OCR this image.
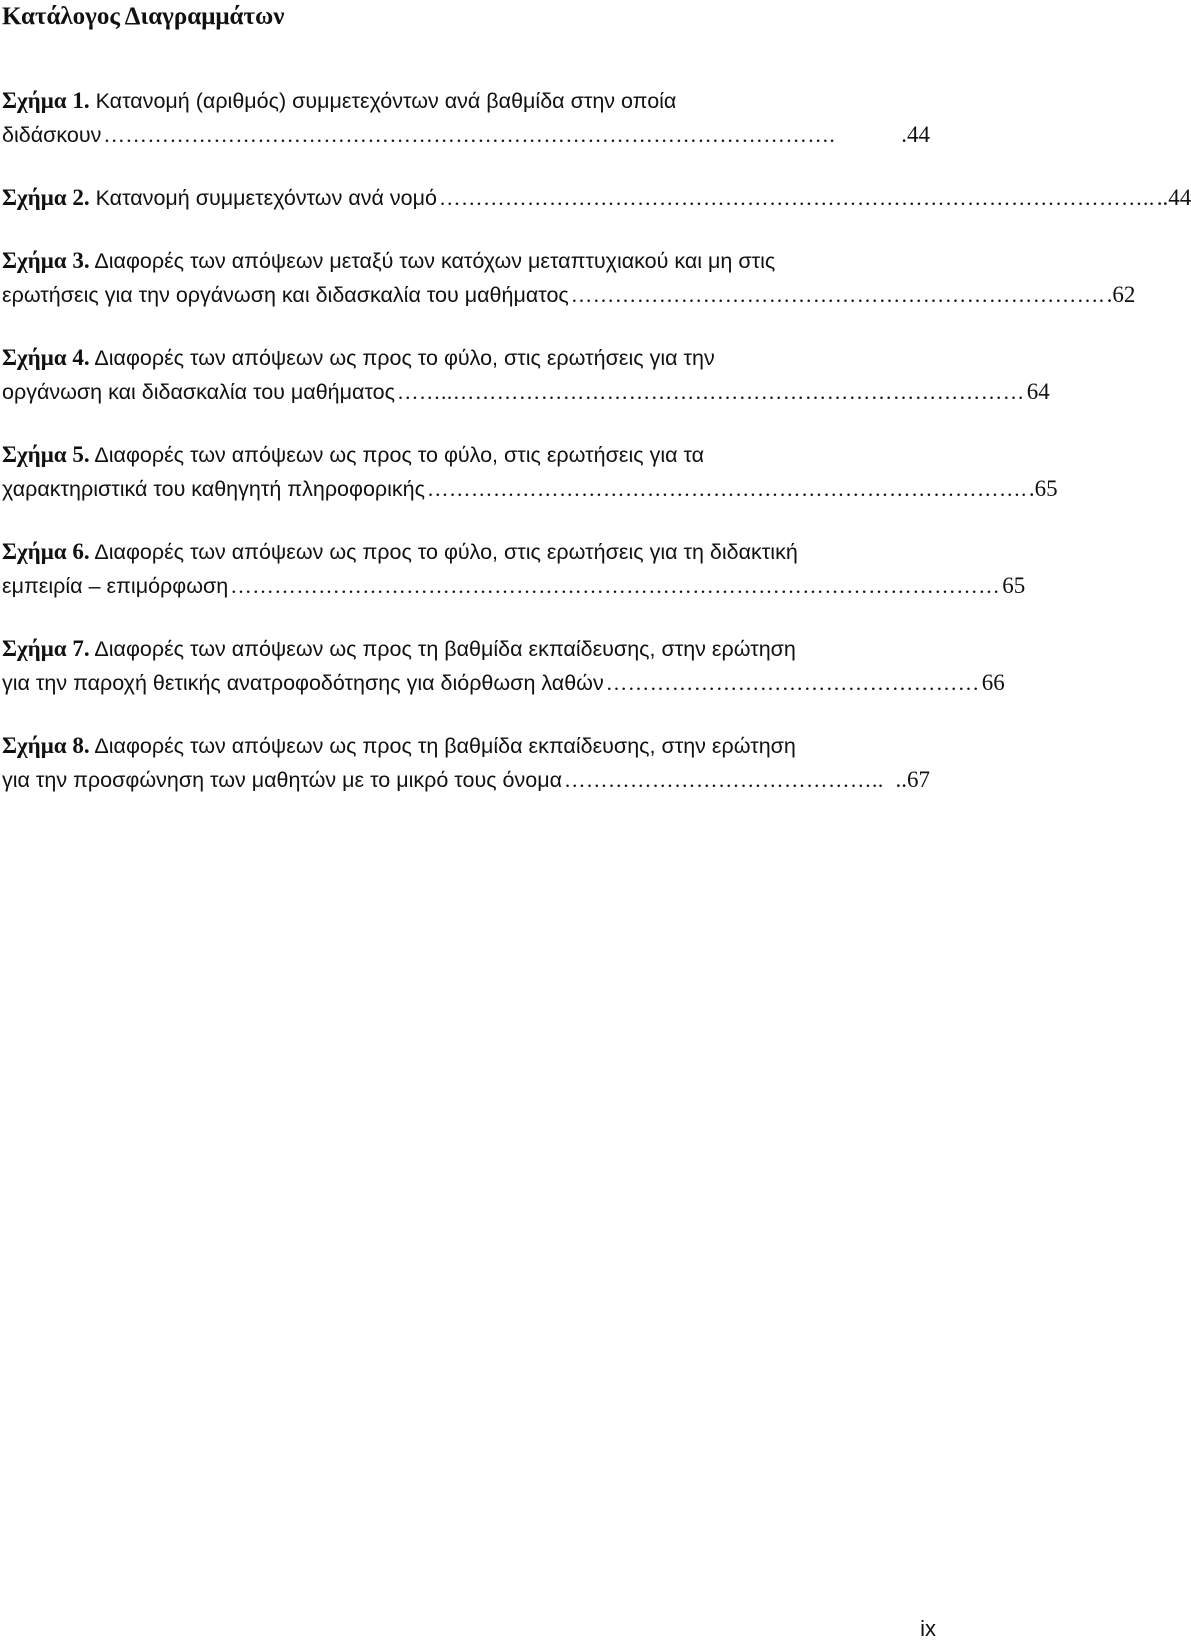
Κατάλογος Διαγραμμάτων
Σχήμα 1. Κατανομή (αριθμός) συμμετεχόντων ανά βαθμίδα στην οποία
διδάσκουν ……………………………………………………………………………………….	.44
Σχήμα 2. Κατανομή συμμετεχόντων ανά νομό …………………………………………………………………………………….. ..44
Σχήμα 3. Διαφορές των απόψεων μεταξύ των κατόχων μεταπτυχιακού και μη στις
ερωτήσεις για την οργάνωση και διδασκαλία του μαθήματος ………………………………………………………………. .62
Σχήμα 4. Διαφορές των απόψεων ως προς το φύλο, στις ερωτήσεις για την
οργάνωση και διδασκαλία του μαθήματος ……..…………………………………………………………………… 64
Σχήμα 5. Διαφορές των απόψεων ως προς το φύλο, στις ερωτήσεις για τα
χαρακτηριστικά του καθηγητή πληροφορικής ………………………………………………………………………. .65
Σχήμα 6. Διαφορές των απόψεων ως προς το φύλο, στις ερωτήσεις για τη διδακτική
εμπειρία – επιμόρφωση …………………………………………………………………………………………… 65
Σχήμα 7. Διαφορές των απόψεων ως προς τη βαθμίδα εκπαίδευσης, στην ερώτηση
για την παροχή θετικής ανατροφοδότησης για διόρθωση λαθών …………………………………………… 66
Σχήμα 8. Διαφορές των απόψεων ως προς τη βαθμίδα εκπαίδευσης, στην ερώτηση
για την προσφώνηση των μαθητών με το μικρό τους όνομα …………………………………….. ..67
ix
